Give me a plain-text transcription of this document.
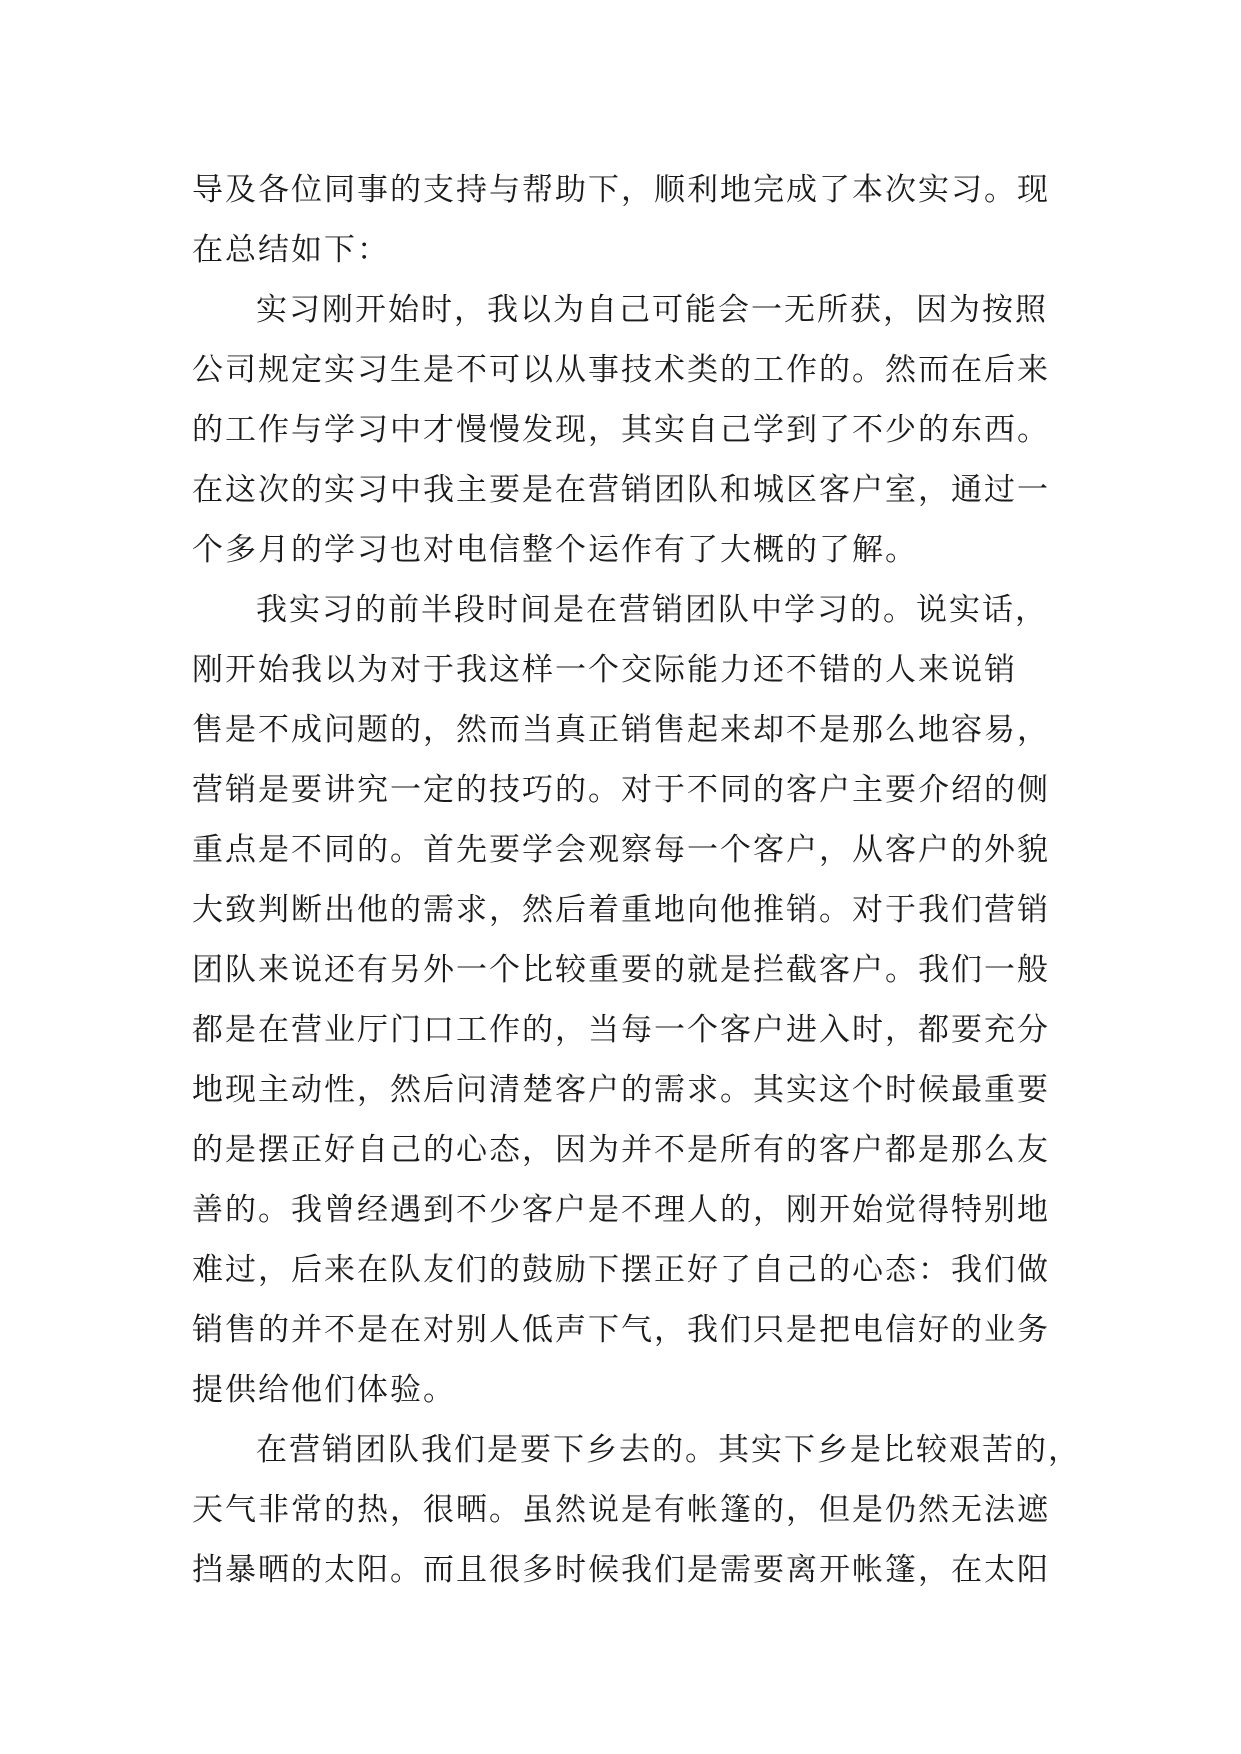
导及各位同事的支持与帮助下，顺利地完成了本次实习。现
在总结如下：
实习刚开始时，我以为自己可能会一无所获，因为按照
公司规定实习生是不可以从事技术类的工作的。然而在后来
的工作与学习中才慢慢发现，其实自己学到了不少的东西。
在这次的实习中我主要是在营销团队和城区客户室，通过一
个多月的学习也对电信整个运作有了大概的了解。
我实习的前半段时间是在营销团队中学习的。说实话，
刚开始我以为对于我这样一个交际能力还不错的人来说销
售是不成问题的，然而当真正销售起来却不是那么地容易，
营销是要讲究一定的技巧的。对于不同的客户主要介绍的侧
重点是不同的。首先要学会观察每一个客户，从客户的外貌
大致判断出他的需求，然后着重地向他推销。对于我们营销
团队来说还有另外一个比较重要的就是拦截客户。我们一般
都是在营业厅门口工作的，当每一个客户进入时，都要充分
地现主动性，然后问清楚客户的需求。其实这个时候最重要
的是摆正好自己的心态，因为并不是所有的客户都是那么友
善的。我曾经遇到不少客户是不理人的，刚开始觉得特别地
难过，后来在队友们的鼓励下摆正好了自己的心态：我们做
销售的并不是在对别人低声下气，我们只是把电信好的业务
提供给他们体验。
在营销团队我们是要下乡去的。其实下乡是比较艰苦的，
天气非常的热，很晒。虽然说是有帐篷的，但是仍然无法遮
挡暴晒的太阳。而且很多时候我们是需要离开帐篷，在太阳
